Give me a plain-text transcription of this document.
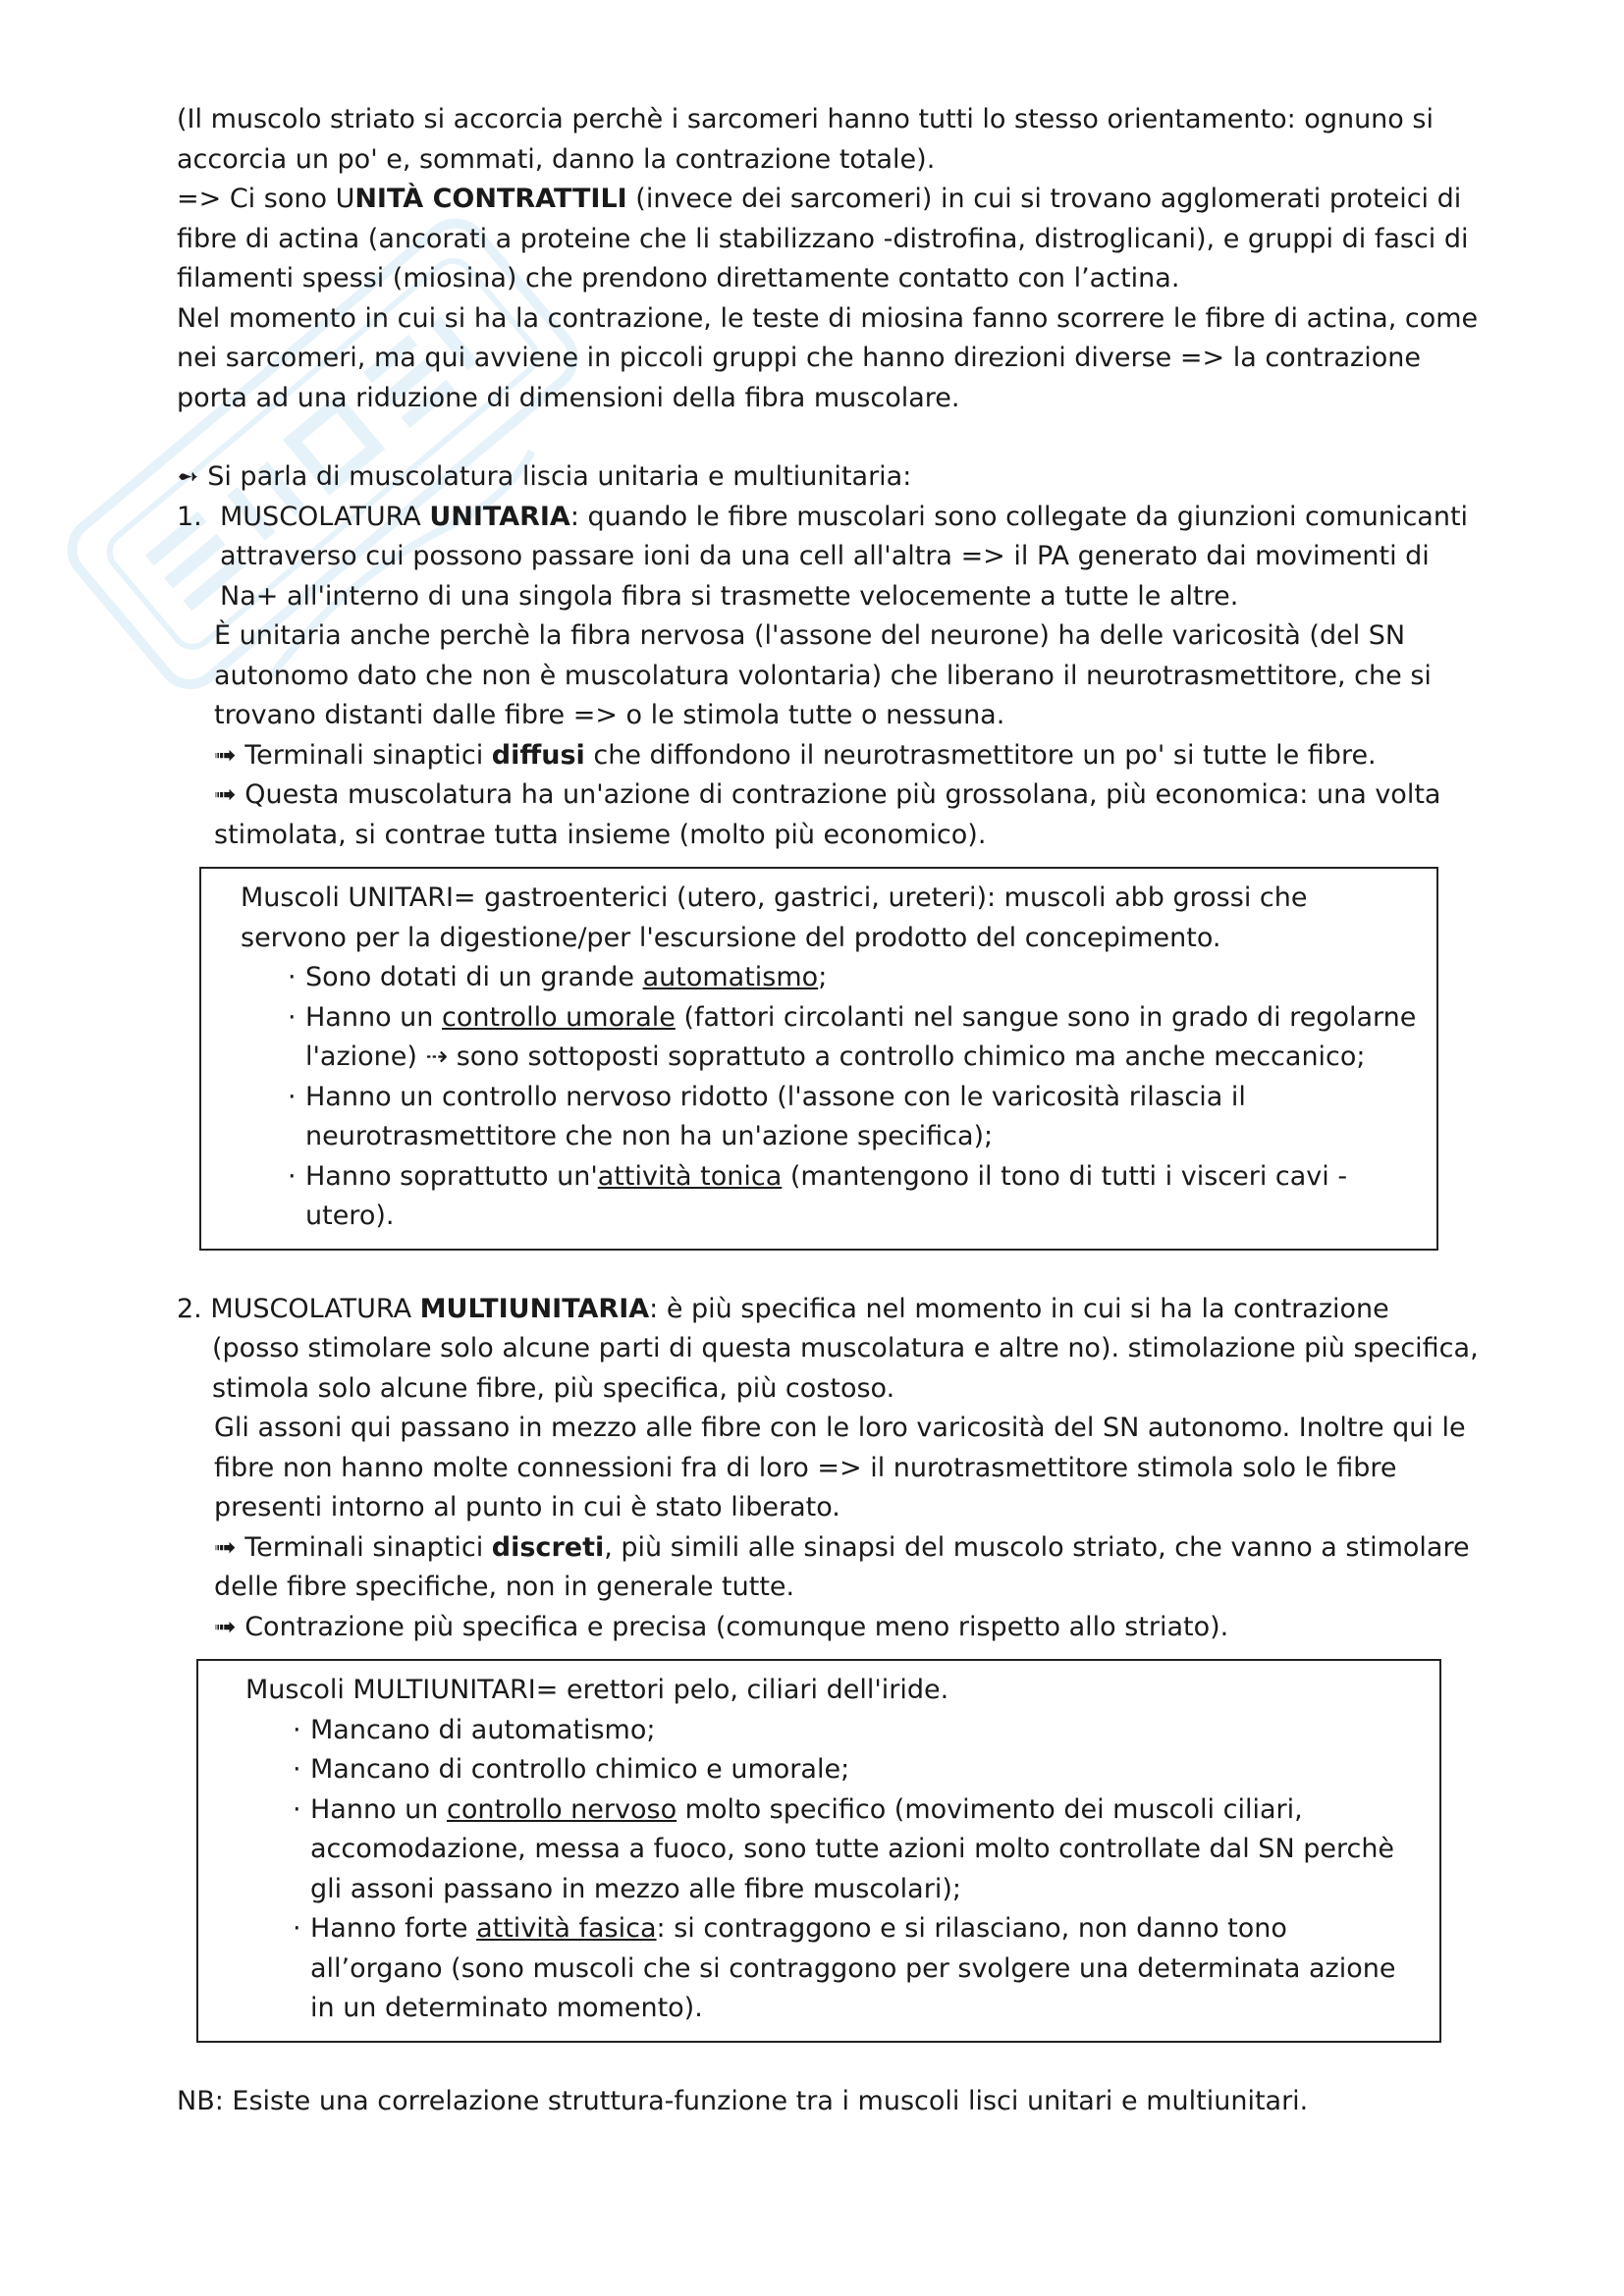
(Il muscolo striato si accorcia perchè i sarcomeri hanno tutti lo stesso orientamento: ognuno si accorcia un po' e, sommati, danno la contrazione totale).

=> Ci sono UNITÀ CONTRATTILI (invece dei sarcomeri) in cui si trovano agglomerati proteici di fibre di actina (ancorati a proteine che li stabilizzano -distrofina, distroglicani), e gruppi di fasci di filamenti spessi (miosina) che prendono direttamente contatto con l’actina.

Nel momento in cui si ha la contrazione, le teste di miosina fanno scorrere le fibre di actina, come nei sarcomeri, ma qui avviene in piccoli gruppi che hanno direzioni diverse => la contrazione porta ad una riduzione di dimensioni della fibra muscolare.

➻ Si parla di muscolatura liscia unitaria e multiunitaria:

1. MUSCOLATURA UNITARIA: quando le fibre muscolari sono collegate da giunzioni comunicanti attraverso cui possono passare ioni da una cell all'altra => il PA generato dai movimenti di Na+ all'interno di una singola fibra si trasmette velocemente a tutte le altre.

È unitaria anche perchè la fibra nervosa (l'assone del neurone) ha delle varicosità (del SN autonomo dato che non è muscolatura volontaria) che liberano il neurotrasmettitore, che si trovano distanti dalle fibre => o le stimola tutte o nessuna.

➟ Terminali sinaptici diffusi che diffondono il neurotrasmettitore un po' si tutte le fibre.

➟ Questa muscolatura ha un'azione di contrazione più grossolana, più economica: una volta stimolata, si contrae tutta insieme (molto più economico).

Muscoli UNITARI= gastroenterici (utero, gastrici, ureteri): muscoli abb grossi che servono per la digestione/per l'escursione del prodotto del concepimento.

· Sono dotati di un grande automatismo;

· Hanno un controllo umorale (fattori circolanti nel sangue sono in grado di regolarne l'azione) ⇢ sono sottoposti soprattuto a controllo chimico ma anche meccanico;

· Hanno un controllo nervoso ridotto (l'assone con le varicosità rilascia il neurotrasmettitore che non ha un'azione specifica);

· Hanno soprattutto un'attività tonica (mantengono il tono di tutti i visceri cavi -utero).

2. MUSCOLATURA MULTIUNITARIA: è più specifica nel momento in cui si ha la contrazione (posso stimolare solo alcune parti di questa muscolatura e altre no). stimolazione più specifica, stimola solo alcune fibre, più specifica, più costoso.

Gli assoni qui passano in mezzo alle fibre con le loro varicosità del SN autonomo. Inoltre qui le fibre non hanno molte connessioni fra di loro => il nurotrasmettitore stimola solo le fibre presenti intorno al punto in cui è stato liberato.

➟ Terminali sinaptici discreti, più simili alle sinapsi del muscolo striato, che vanno a stimolare delle fibre specifiche, non in generale tutte.

➟ Contrazione più specifica e precisa (comunque meno rispetto allo striato).

Muscoli MULTIUNITARI= erettori pelo, ciliari dell'iride.

· Mancano di automatismo;

· Mancano di controllo chimico e umorale;

· Hanno un controllo nervoso molto specifico (movimento dei muscoli ciliari, accomodazione, messa a fuoco, sono tutte azioni molto controllate dal SN perchè gli assoni passano in mezzo alle fibre muscolari);

· Hanno forte attività fasica: si contraggono e si rilasciano, non danno tono all’organo (sono muscoli che si contraggono per svolgere una determinata azione in un determinato momento).

NB: Esiste una correlazione struttura-funzione tra i muscoli lisci unitari e multiunitari.
